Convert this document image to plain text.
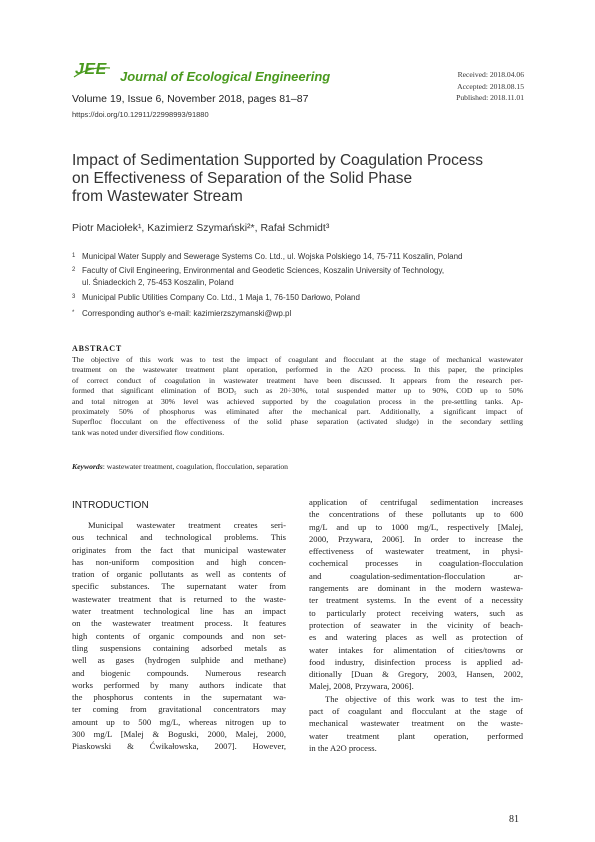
JEE Journal of Ecological Engineering
Volume 19, Issue 6, November 2018, pages 81–87
https://doi.org/10.12911/22998993/91880
Received: 2018.04.06
Accepted: 2018.08.15
Published: 2018.11.01
Impact of Sedimentation Supported by Coagulation Process
on Effectiveness of Separation of the Solid Phase
from Wastewater Stream
Piotr Maciołek¹, Kazimierz Szymański²*, Rafał Schmidt³
1 Municipal Water Supply and Sewerage Systems Co. Ltd., ul. Wojska Polskiego 14, 75-711 Koszalin, Poland
2 Faculty of Civil Engineering, Environmental and Geodetic Sciences, Koszalin University of Technology,
ul. Śniadeckich 2, 75-453 Koszalin, Poland
3 Municipal Public Utilities Company Co. Ltd., 1 Maja 1, 76-150 Darłowo, Poland
* Corresponding author's e-mail: kazimierzszymanski@wp.pl
ABSTRACT
The objective of this work was to test the impact of coagulant and flocculant at the stage of mechanical wastewater
treatment on the wastewater treatment plant operation, performed in the A2O process. In this paper, the principles
of correct conduct of coagulation in wastewater treatment have been discussed. It appears from the research per-
formed that significant elimination of BOD₅ such as 20÷30%, total suspended matter up to 90%, COD up to 50%
and total nitrogen at 30% level was achieved supported by the coagulation process in the pre-settling tanks. Ap-
proximately 50% of phosphorus was eliminated after the mechanical part. Additionally, a significant impact of
Superfloc flocculant on the effectiveness of the solid phase separation (activated sludge) in the secondary settling
tank was noted under diversified flow conditions.
Keywords: wastewater treatment, coagulation, flocculation, separation
INTRODUCTION
Municipal wastewater treatment creates seri-
ous technical and technological problems. This
originates from the fact that municipal wastewater
has non-uniform composition and high concen-
tration of organic pollutants as well as contents of
specific substances. The supernatant water from
wastewater treatment that is returned to the waste-
water treatment technological line has an impact
on the wastewater treatment process. It features
high contents of organic compounds and non set-
tling suspensions containing adsorbed metals as
well as gases (hydrogen sulphide and methane)
and biogenic compounds. Numerous research
works performed by many authors indicate that
the phosphorus contents in the supernatant wa-
ter coming from gravitational concentrators may
amount up to 500 mg/L, whereas nitrogen up to
300 mg/L [Malej & Boguski, 2000, Malej, 2000,
Piaskowski & Ćwikałowska, 2007]. However,
application of centrifugal sedimentation increases
the concentrations of these pollutants up to 600
mg/L and up to 1000 mg/L, respectively [Malej,
2000, Przywara, 2006]. In order to increase the
effectiveness of wastewater treatment, in physi-
cochemical processes in coagulation-flocculation
and coagulation-sedimentation-flocculation ar-
rangements are dominant in the modern wastewa-
ter treatment systems. In the event of a necessity
to particularly protect receiving waters, such as
protection of seawater in the vicinity of beach-
es and watering places as well as protection of
water intakes for alimentation of cities/towns or
food industry, disinfection process is applied ad-
ditionally [Duan & Gregory, 2003, Hansen, 2002,
Malej, 2008, Przywara, 2006].
The objective of this work was to test the im-
pact of coagulant and flocculant at the stage of
mechanical wastewater treatment on the waste-
water treatment plant operation, performed
in the A2O process.
81
